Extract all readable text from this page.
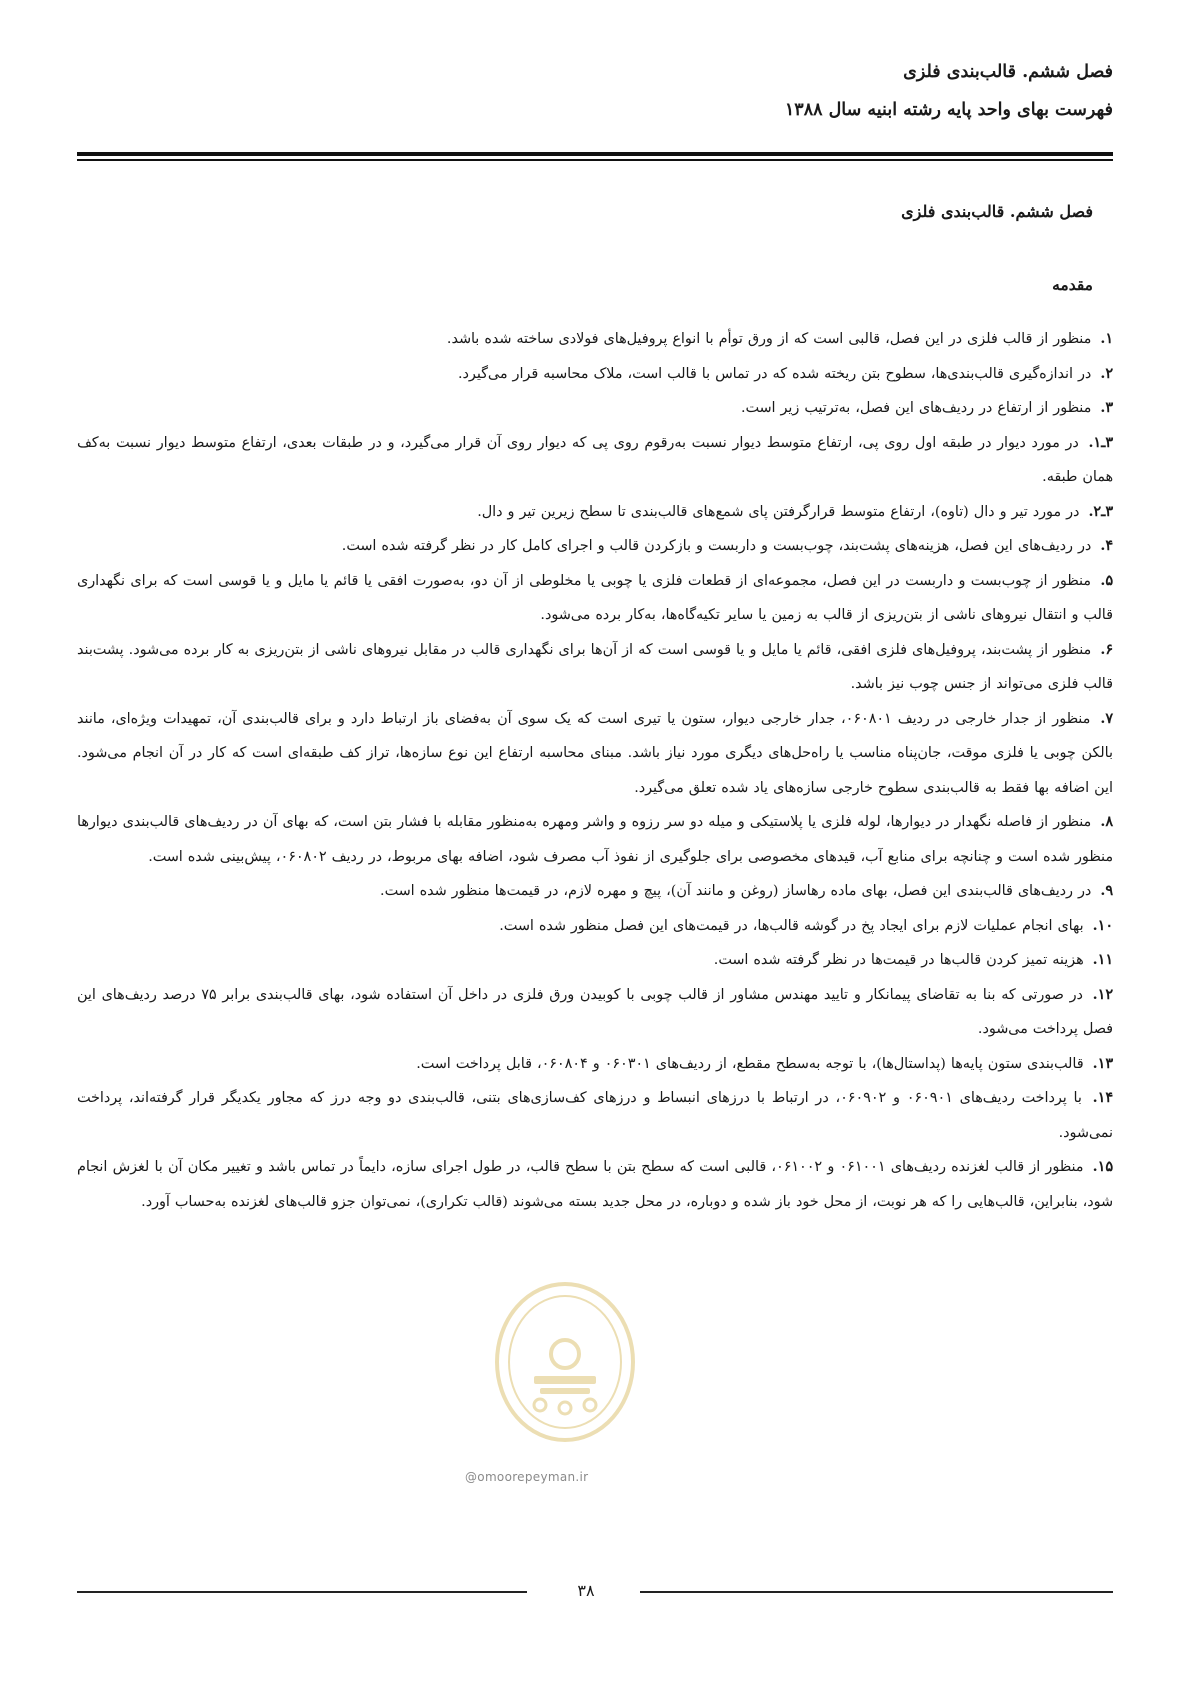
فصل ششم. قالب‌بندی فلزی

فهرست بهای واحد پایه رشته ابنیه سال ۱۳۸۸

فصل ششم. قالب‌بندی فلزی

مقدمه

۱. منظور از قالب فلزی در این فصل، قالبی است که از ورق توأم با انواع پروفیل‌های فولادی ساخته شده باشد.

۲. در اندازه‌گیری قالب‌بندی‌ها، سطوح بتن ریخته شده که در تماس با قالب است، ملاک محاسبه قرار می‌گیرد.

۳. منظور از ارتفاع در ردیف‌های این فصل، به‌ترتیب زیر است.

۳ـ۱. در مورد دیوار در طبقه اول روی پی، ارتفاع متوسط دیوار نسبت به‌رقوم روی پی که دیوار روی آن قرار می‌گیرد، و در طبقات بعدی، ارتفاع متوسط دیوار نسبت به‌کف همان طبقه.

۳ـ۲. در مورد تیر و دال (تاوه)، ارتفاع متوسط قرارگرفتن پای شمع‌های قالب‌بندی تا سطح زیرین تیر و دال.

۴. در ردیف‌های این فصل، هزینه‌های پشت‌بند، چوب‌بست و داربست و بازکردن قالب و اجرای کامل کار در نظر گرفته شده است.

۵. منظور از چوب‌بست و داربست در این فصل، مجموعه‌ای از قطعات فلزی یا چوبی یا مخلوطی از آن دو، به‌صورت افقی یا قائم یا مایل و یا قوسی است که برای نگهداری قالب و انتقال نیروهای ناشی از بتن‌ریزی از قالب به زمین یا سایر تکیه‌گاه‌ها، به‌کار برده می‌شود.

۶. منظور از پشت‌بند، پروفیل‌های فلزی افقی، قائم یا مایل و یا قوسی است که از آن‌ها برای نگهداری قالب در مقابل نیروهای ناشی از بتن‌ریزی به کار برده می‌شود. پشت‌بند قالب فلزی می‌تواند از جنس چوب نیز باشد.

۷. منظور از جدار خارجی در ردیف ۰۶۰۸۰۱، جدار خارجی دیوار، ستون یا تیری است که یک سوی آن به‌فضای باز ارتباط دارد و برای قالب‌بندی آن، تمهیدات ویژه‌ای، مانند بالکن چوبی یا فلزی موقت، جان‌پناه مناسب یا راه‌حل‌های دیگری مورد نیاز باشد. مبنای محاسبه ارتفاع این نوع سازه‌ها، تراز کف طبقه‌ای است که کار در آن انجام می‌شود. این اضافه بها فقط به قالب‌بندی سطوح خارجی سازه‌های یاد شده تعلق می‌گیرد.

۸. منظور از فاصله نگهدار در دیوارها، لوله فلزی یا پلاستیکی و میله دو سر رزوه و واشر ومهره به‌منظور مقابله با فشار بتن است، که بهای آن در ردیف‌های قالب‌بندی دیوارها منظور شده است و چنانچه برای منابع آب، قیدهای مخصوصی برای جلوگیری از نفوذ آب مصرف شود، اضافه بهای مربوط، در ردیف ۰۶۰۸۰۲، پیش‌بینی شده است.

۹. در ردیف‌های قالب‌بندی این فصل، بهای ماده رهاساز (روغن و مانند آن)، پیچ و مهره لازم، در قیمت‌ها منظور شده است.

۱۰. بهای انجام عملیات لازم برای ایجاد پخ در گوشه قالب‌ها، در قیمت‌های این فصل منظور شده است.

۱۱. هزینه تمیز کردن قالب‌ها در قیمت‌ها در نظر گرفته شده است.

۱۲. در صورتی که بنا به تقاضای پیمانکار و تایید مهندس مشاور از قالب چوبی با کوبیدن ورق فلزی در داخل آن استفاده شود، بهای قالب‌بندی برابر ۷۵ درصد ردیف‌های این فصل پرداخت می‌شود.

۱۳. قالب‌بندی ستون پایه‌ها (پداستال‌ها)، با توجه به‌سطح مقطع، از ردیف‌های ۰۶۰۳۰۱ و ۰۶۰۸۰۴، قابل پرداخت است.

۱۴. با پرداخت ردیف‌های ۰۶۰۹۰۱ و ۰۶۰۹۰۲، در ارتباط با درزهای انبساط و درزهای کف‌سازی‌های بتنی، قالب‌بندی دو وجه درز که مجاور یکدیگر قرار گرفته‌اند، پرداخت نمی‌شود.

۱۵. منظور از قالب لغزنده ردیف‌های ۰۶۱۰۰۱ و ۰۶۱۰۰۲، قالبی است که سطح بتن با سطح قالب، در طول اجرای سازه، دایماً در تماس باشد و تغییر مکان آن با لغزش انجام شود، بنابراین، قالب‌هایی را که هر نوبت، از محل خود باز شده و دوباره، در محل جدید بسته می‌شوند (قالب تکراری)، نمی‌توان جزو قالب‌های لغزنده به‌حساب آورد.

@omoorepeyman.ir
۳۸
